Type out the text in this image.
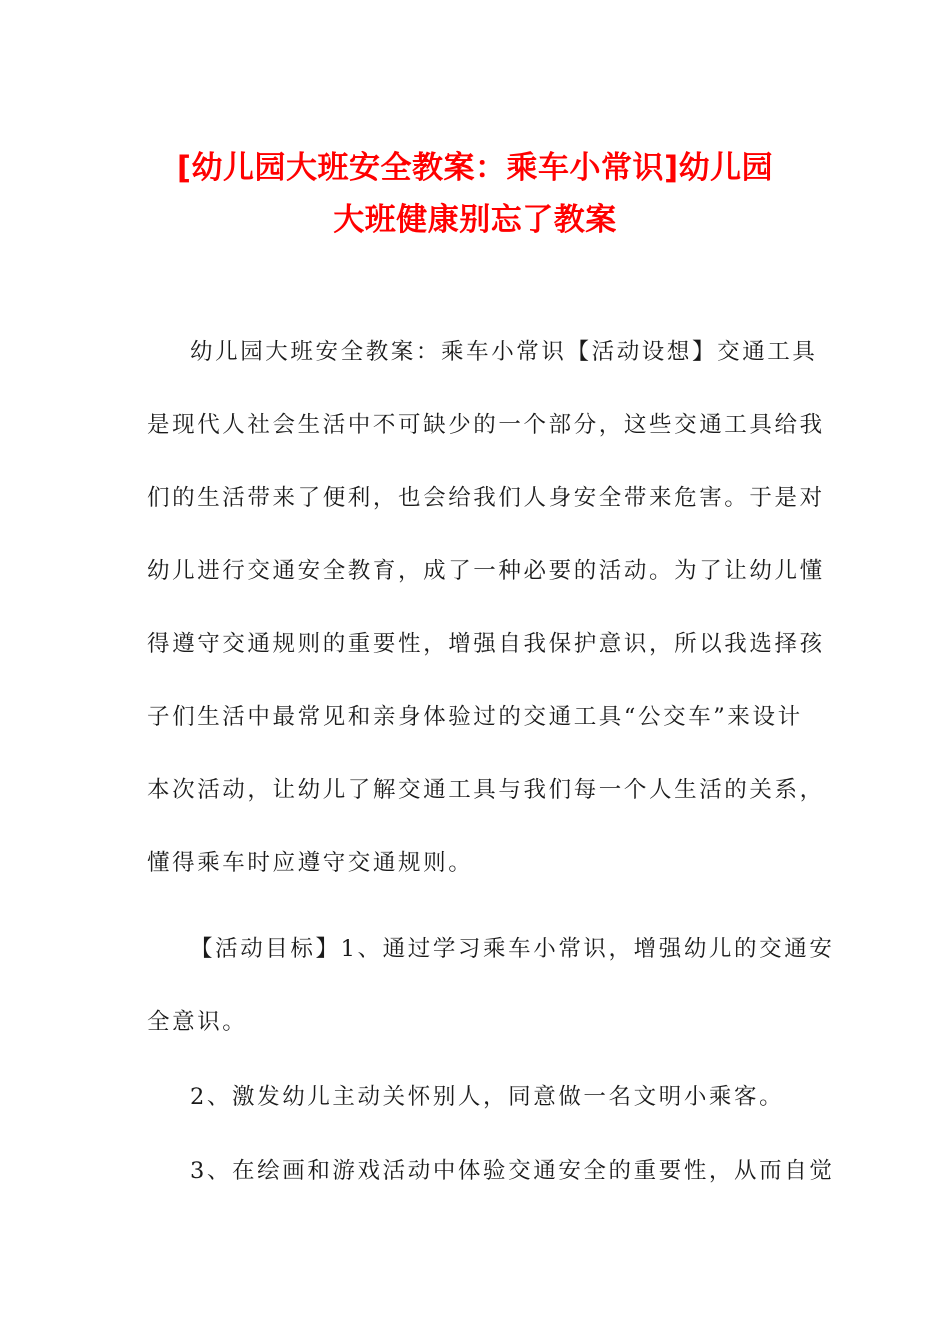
[幼儿园大班安全教案：乘车小常识]幼儿园
大班健康别忘了教案
幼儿园大班安全教案：乘车小常识【活动设想】交通工具
是现代人社会生活中不可缺少的一个部分，这些交通工具给我
们的生活带来了便利，也会给我们人身安全带来危害。于是对
幼儿进行交通安全教育，成了一种必要的活动。为了让幼儿懂
得遵守交通规则的重要性，增强自我保护意识，所以我选择孩
子们生活中最常见和亲身体验过的交通工具“公交车”来设计
本次活动，让幼儿了解交通工具与我们每一个人生活的关系，
懂得乘车时应遵守交通规则。
【活动目标】1、通过学习乘车小常识，增强幼儿的交通安
全意识。
2、激发幼儿主动关怀别人，同意做一名文明小乘客。
3、在绘画和游戏活动中体验交通安全的重要性，从而自觉
